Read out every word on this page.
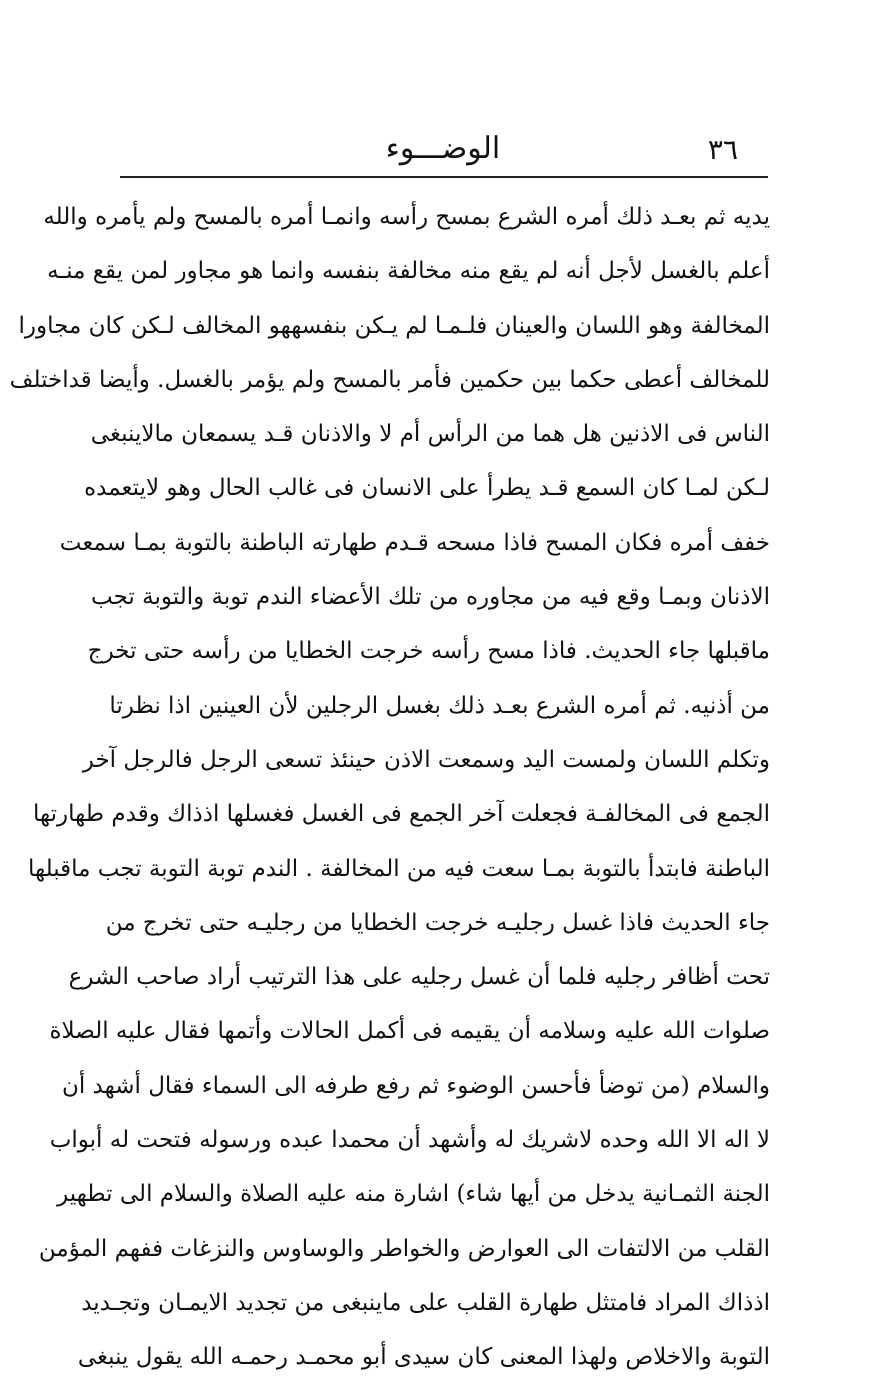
٣٦
الوضـــوء
يديه ثم بعـد ذلك أمره الشرع بمسح رأسه وانمـا أمره بالمسح ولم يأمره والله
أعلم بالغسل لأجل أنه لم يقع منه مخالفة بنفسه وانما هو مجاور لمن يقع منـه
المخالفة وهو اللسان والعينان فلـمـا لم يـكن بنفسههو المخالف لـكن كان مجاورا
للمخالف أعطى حكما بين حكمين فأمر بالمسح ولم يؤمر بالغسل. وأيضا قداختلف
الناس فى الاذنين هل هما من الرأس أم لا والاذنان قـد يسمعان مالاينبغى
لـكن لمـا كان السمع قـد يطرأ على الانسان فى غالب الحال وهو لايتعمده
خفف أمره فكان المسح فاذا مسحه قـدم طهارته الباطنة بالتوبة بمـا سمعت
الاذنان وبمـا وقع فيه من مجاوره من تلك الأعضاء الندم توبة والتوبة تجب
ماقبلها جاء الحديث. فاذا مسح رأسه خرجت الخطايا من رأسه حتى تخرج
من أذنيه. ثم أمره الشرع بعـد ذلك بغسل الرجلين لأن العينين اذا نظرتا
وتكلم اللسان ولمست اليد وسمعت الاذن حينئذ تسعى الرجل فالرجل آخر
الجمع فى المخالفـة فجعلت آخر الجمع فى الغسل فغسلها اذذاك وقدم طهارتها
الباطنة فابتدأ بالتوبة بمـا سعت فيه من المخالفة . الندم توبة التوبة تجب ماقبلها
جاء الحديث فاذا غسل رجليـه خرجت الخطايا من رجليـه حتى تخرج من
تحت أظافر رجليه فلما أن غسل رجليه على هذا الترتيب أراد صاحب الشرع
صلوات الله عليه وسلامه أن يقيمه فى أكمل الحالات وأتمها فقال عليه الصلاة
والسلام (من توضأ فأحسن الوضوء ثم رفع طرفه الى السماء فقال أشهد أن
لا اله الا الله وحده لاشريك له وأشهد أن محمدا عبده ورسوله فتحت له أبواب
الجنة الثمـانية يدخل من أيها شاء) اشارة منه عليه الصلاة والسلام الى تطهير
القلب من الالتفات الى العوارض والخواطر والوساوس والنزغات ففهم المؤمن
اذذاك المراد فامتثل طهارة القلب على ماينبغى من تجديد الايمـان وتجـديد
التوبة والاخلاص ولهذا المعنى كان سيدى أبو محمـد رحمـه الله يقول ينبغى
